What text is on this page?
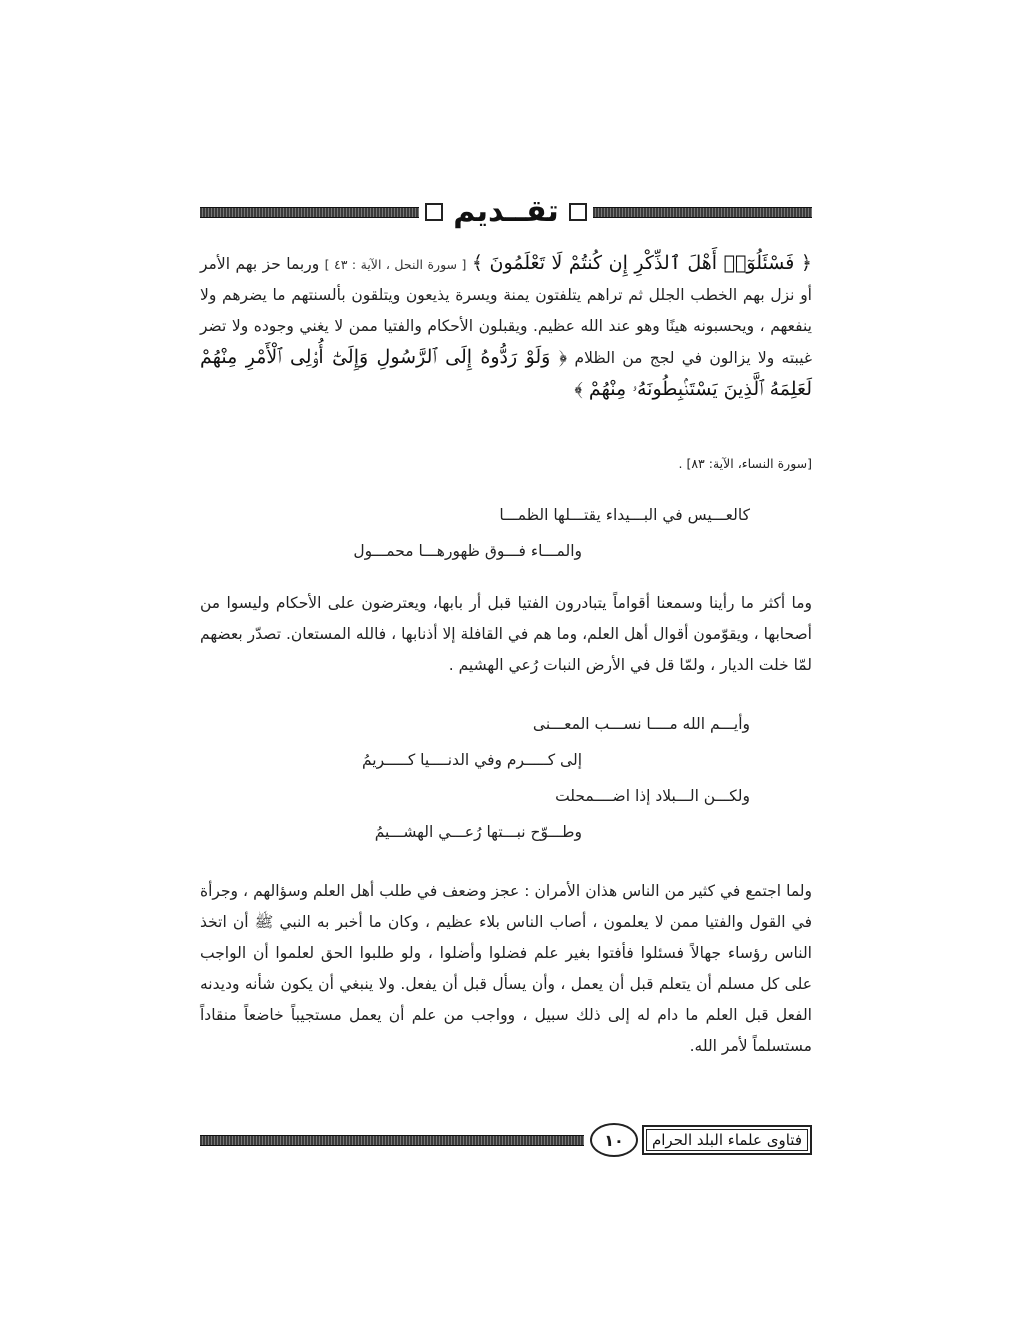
تقــديم
﴿ فَسْئَلُوٓا۟ أَهْلَ ٱلذِّكْرِ إِن كُنتُمْ لَا تَعْلَمُونَ ﴾ [ سورة النحل ، الآية : ٤٣ ] وربما حز بهم الأمر أو نزل بهم الخطب الجلل ثم تراهم يتلفتون يمنة ويسرة يذيعون ويتلقون بألسنتهم ما يضرهم ولا ينفعهم ، ويحسبونه هينًا وهو عند الله عظيم. ويقبلون الأحكام والفتيا ممن لا يغني وجوده ولا تضر غيبته ولا يزالون في لجج من الظلام ﴿ وَلَوْ رَدُّوهُ إِلَى ٱلرَّسُولِ وَإِلَىٰٓ أُو۟لِى ٱلْأَمْرِ مِنْهُمْ لَعَلِمَهُ ٱلَّذِينَ يَسْتَنۢبِطُونَهُۥ مِنْهُمْ ﴾
[سورة النساء، الآية: ٨٣] .
كالعـــيس في البـــيداء يقتـــلها الظمـــا
والمـــاء فـــوق ظهورهـــا محمـــول
وما أكثر ما رأينا وسمعنا أقواماً يتبادرون الفتيا قبل أر بابها، ويعترضون على الأحكام وليسوا من أصحابها ، ويقوّمون أقوال أهل العلم، وما هم في القافلة إلا أذنابها ، فالله المستعان. تصدّر بعضهم لمّا خلت الديار ، ولمّا قل في الأرض النبات رُعي الهشيم .
وأيـــم الله مــــا نســـب المعـــنى
إلى كـــــرم وفي الدنــــيا كـــــريمُ
ولكـــن الـــبلاد إذا اضــــمحلت
وطـــوّح نبـــتها رُعـــي الهشـــيمُ
ولما اجتمع في كثير من الناس هذان الأمران : عجز وضعف في طلب أهل العلم وسؤالهم ، وجرأة في القول والفتيا ممن لا يعلمون ، أصاب الناس بلاء عظيم ، وكان ما أخبر به النبي ﷺ أن اتخذ الناس رؤساء جهالاً فسئلوا فأفتوا بغير علم فضلوا وأضلوا ، ولو طلبوا الحق لعلموا أن الواجب على كل مسلم أن يتعلم قبل أن يعمل ، وأن يسأل قبل أن يفعل. ولا ينبغي أن يكون شأنه وديدنه الفعل قبل العلم ما دام له إلى ذلك سبيل ، وواجب من علم أن يعمل مستجيباً خاضعاً منقاداً مستسلماً لأمر الله.
فتاوى علماء البلد الحرام
١٠
